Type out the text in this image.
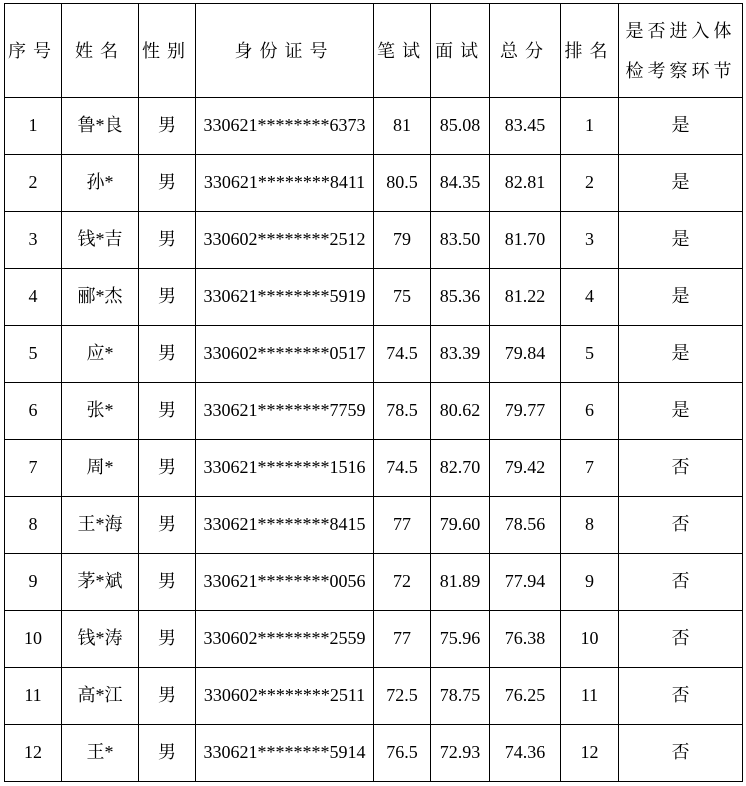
序号	姓名	性别	身份证号	笔试	面试	总分	排名	是否进入体检考察环节
1	鲁*良	男	330621********6373	81	85.08	83.45	1	是
2	孙*	男	330621********8411	80.5	84.35	82.81	2	是
3	钱*吉	男	330602********2512	79	83.50	81.70	3	是
4	郦*杰	男	330621********5919	75	85.36	81.22	4	是
5	应*	男	330602********0517	74.5	83.39	79.84	5	是
6	张*	男	330621********7759	78.5	80.62	79.77	6	是
7	周*	男	330621********1516	74.5	82.70	79.42	7	否
8	王*海	男	330621********8415	77	79.60	78.56	8	否
9	茅*斌	男	330621********0056	72	81.89	77.94	9	否
10	钱*涛	男	330602********2559	77	75.96	76.38	10	否
11	高*江	男	330602********2511	72.5	78.75	76.25	11	否
12	王*	男	330621********5914	76.5	72.93	74.36	12	否
